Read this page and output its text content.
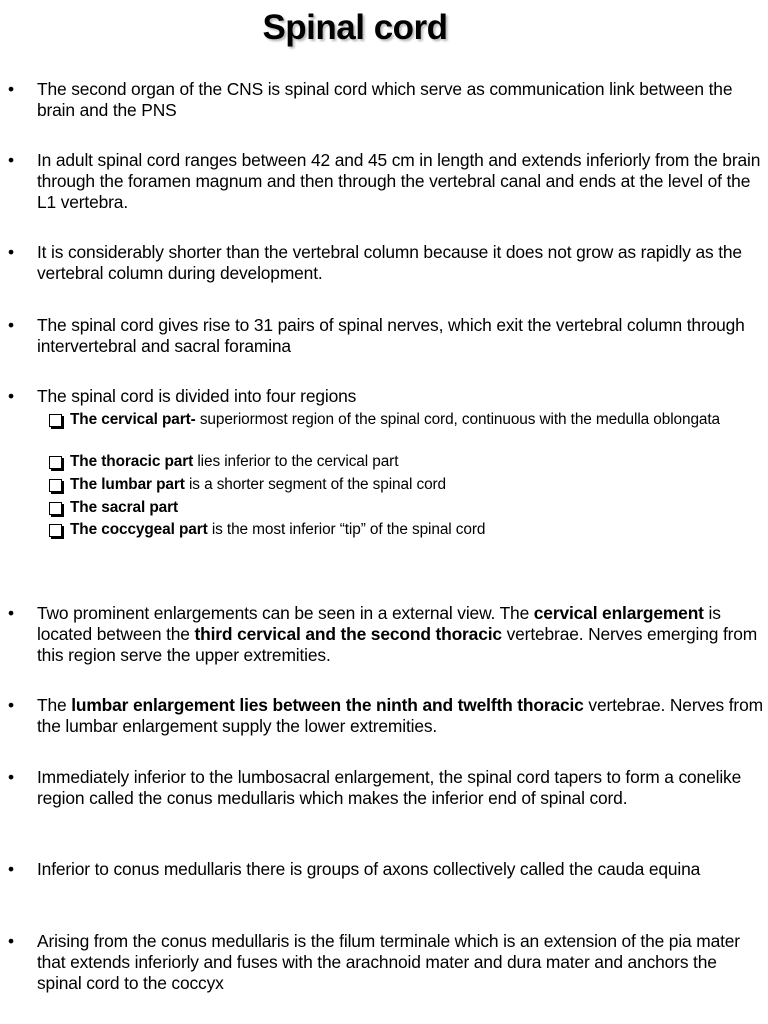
Spinal cord
•	The second organ of the CNS is spinal cord which serve as communication link between the brain and the PNS
•	In adult spinal cord ranges between 42 and 45 cm in length and extends inferiorly from the brain through the foramen magnum and then through the vertebral canal and ends at the level of the L1 vertebra.
•	It is considerably shorter than the vertebral column because it does not grow as rapidly as the vertebral column during development.
•	The spinal cord gives rise to 31 pairs of spinal nerves, which exit the vertebral column through intervertebral and sacral foramina
•	The spinal cord is divided into four regions
The cervical part- superiormost region of the spinal cord, continuous with the medulla oblongata
The thoracic part lies inferior to the cervical part
The lumbar part is a shorter segment of the spinal cord
The sacral part
The coccygeal part is the most inferior “tip” of the spinal cord
•	Two prominent enlargements can be seen in a external view. The cervical enlargement is located between the third cervical and the second thoracic vertebrae. Nerves emerging from this region serve the upper extremities.
•	The lumbar enlargement lies between the ninth and twelfth thoracic vertebrae. Nerves from the lumbar enlargement supply the lower extremities.
•	Immediately inferior to the lumbosacral enlargement, the spinal cord tapers to form a conelike region called the conus medullaris which makes the inferior end of spinal cord.
•	Inferior to conus medullaris there is groups of axons collectively called the cauda equina
•	Arising from the conus medullaris is the filum terminale which is an extension of the pia mater that extends inferiorly and fuses with the arachnoid mater and dura mater and anchors the spinal cord to the coccyx
